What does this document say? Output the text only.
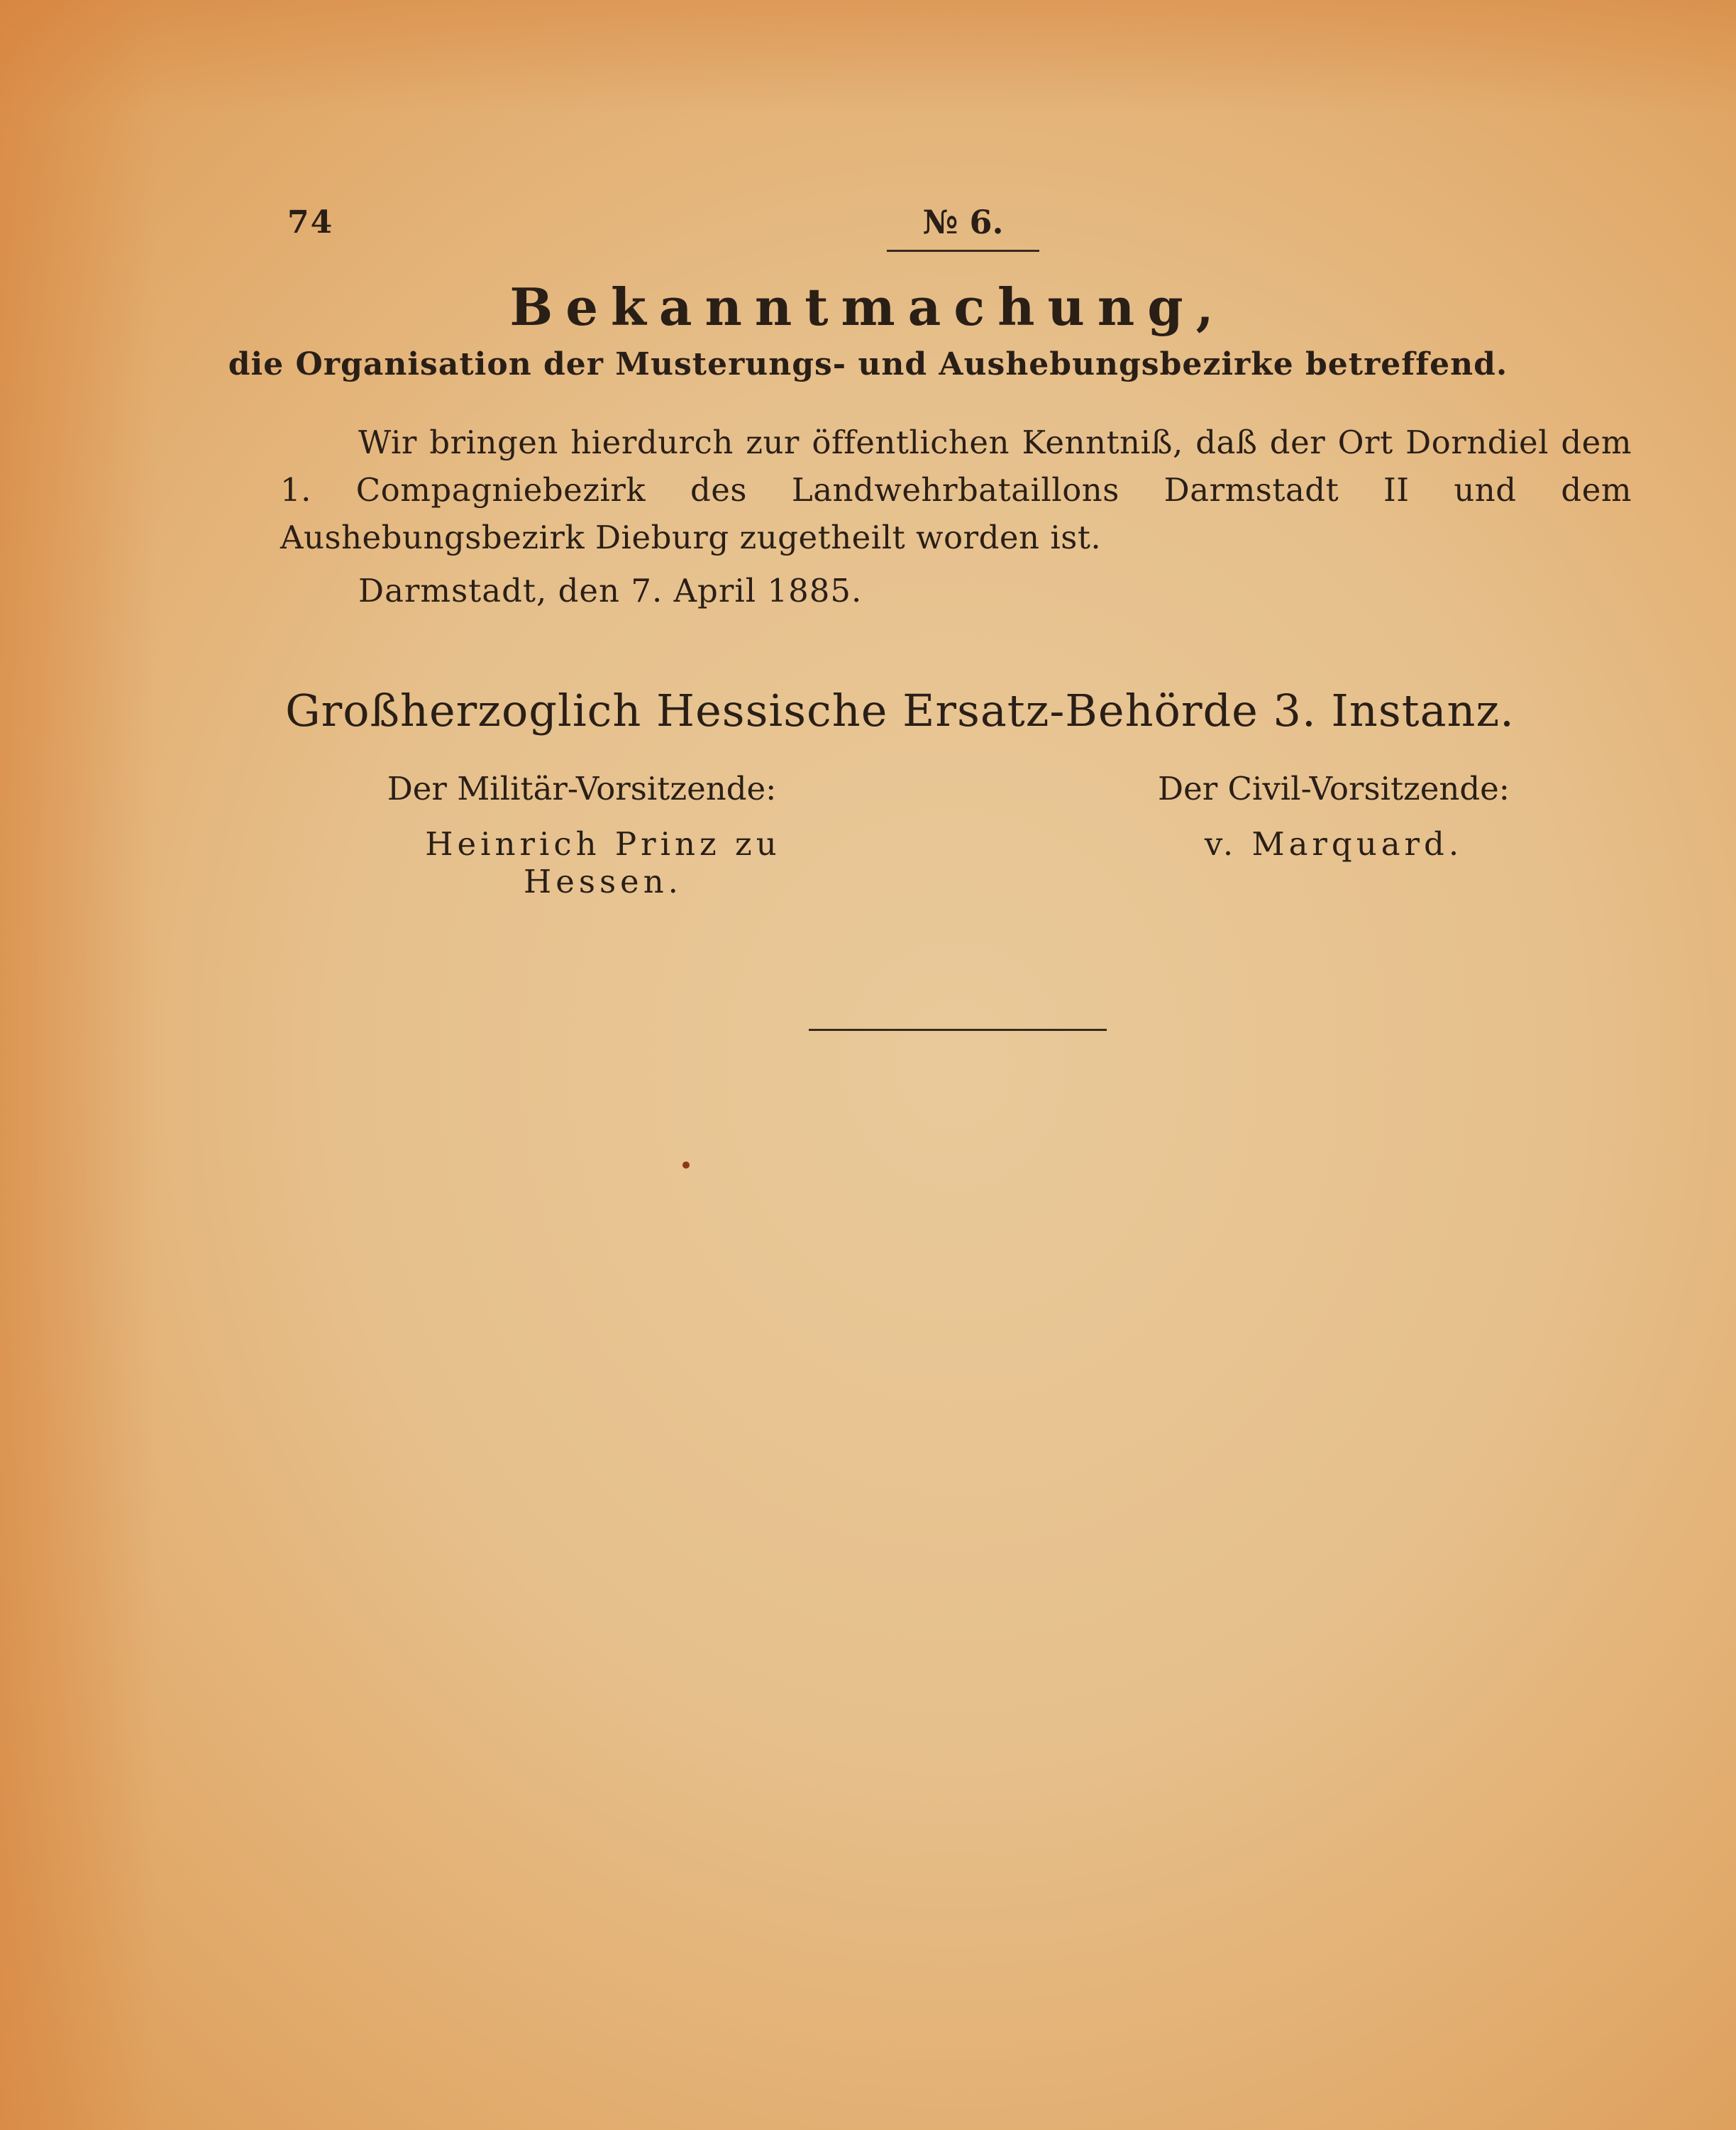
74	№ 6.
Bekanntmachung,
die Organisation der Musterungs- und Aushebungsbezirke betreffend.
Wir bringen hierdurch zur öffentlichen Kenntniß, daß der Ort Dorndiel dem 1. Compagniebezirk des Landwehrbataillons Darmstadt II und dem Aushebungsbezirk Dieburg zugetheilt worden ist.
Darmstadt, den 7. April 1885.
Großherzoglich Hessische Ersatz-Behörde 3. Instanz.
Der Militär-Vorsitzende:
Heinrich Prinz zu Hessen.
Der Civil-Vorsitzende:
v. Marquard.
